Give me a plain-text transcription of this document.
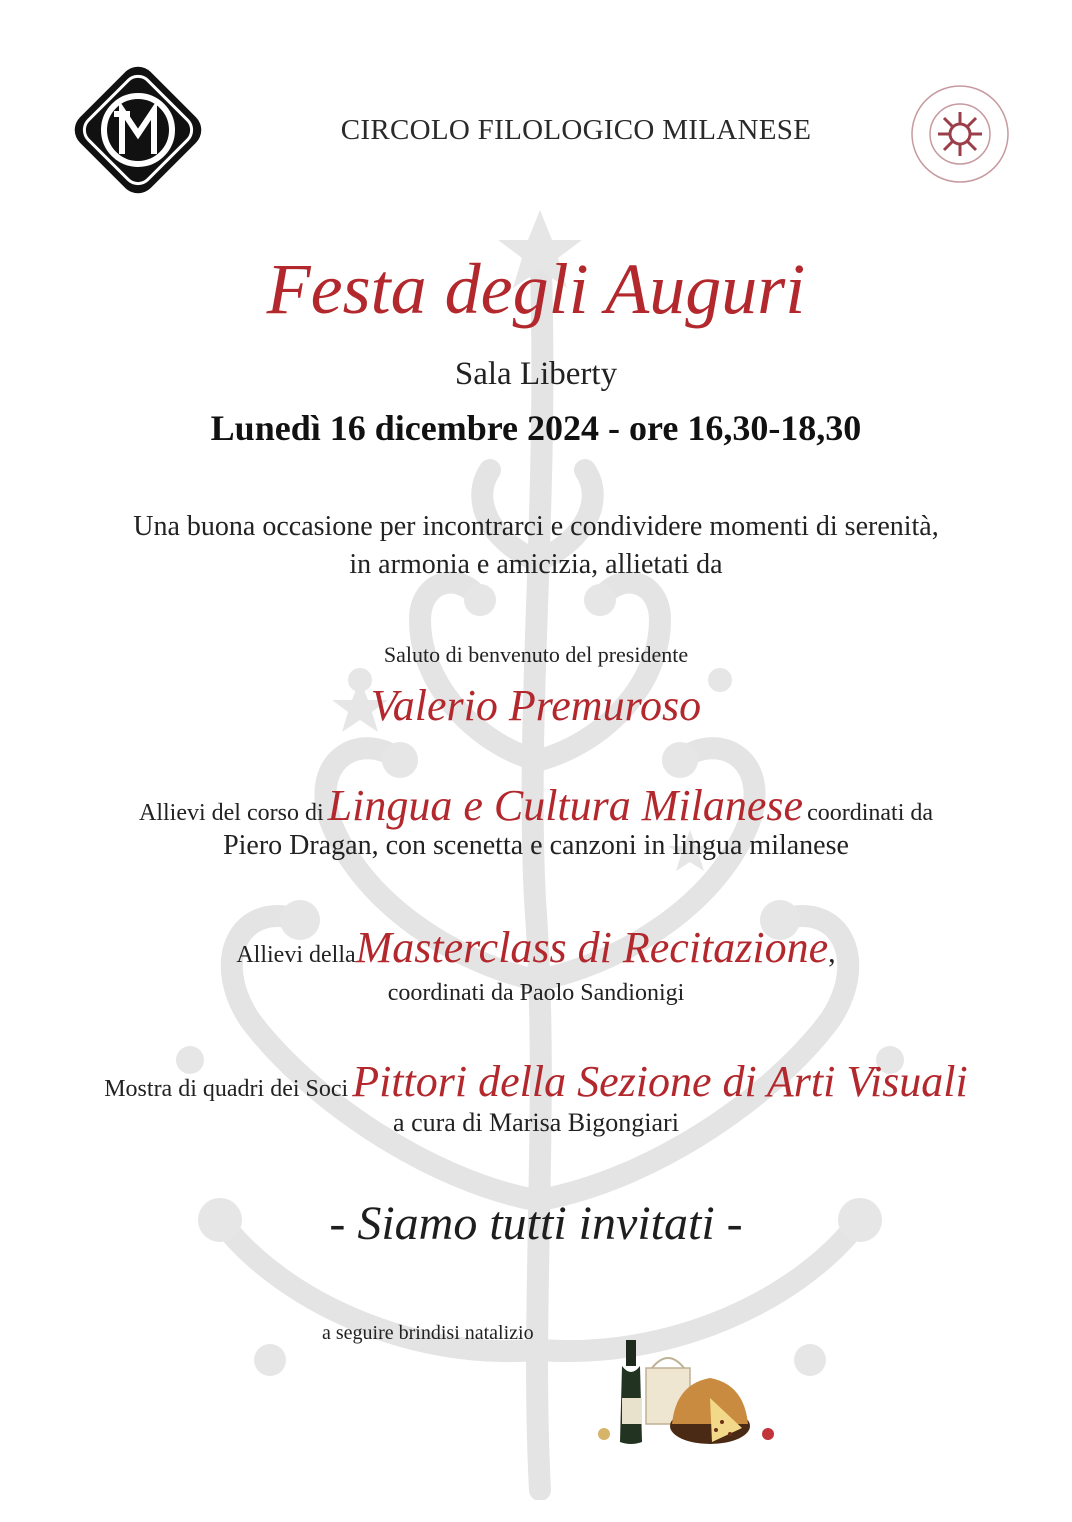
CIRCOLO FILOLOGICO MILANESE
Festa degli Auguri
Sala Liberty
Lunedì 16 dicembre 2024 - ore 16,30-18,30
Una buona occasione per incontrarci e condividere momenti di serenità,
in armonia e amicizia, allietati da
Saluto di benvenuto del presidente
Valerio Premuroso
Allievi del corso di Lingua e Cultura Milanese coordinati da
Piero Dragan, con scenetta e canzoni in lingua milanese
Allievi dellaMasterclass di Recitazione,
coordinati da Paolo Sandionigi
Mostra di quadri dei Soci Pittori della Sezione di Arti Visuali
a cura di Marisa Bigongiari
- Siamo tutti invitati -
a seguire brindisi natalizio
